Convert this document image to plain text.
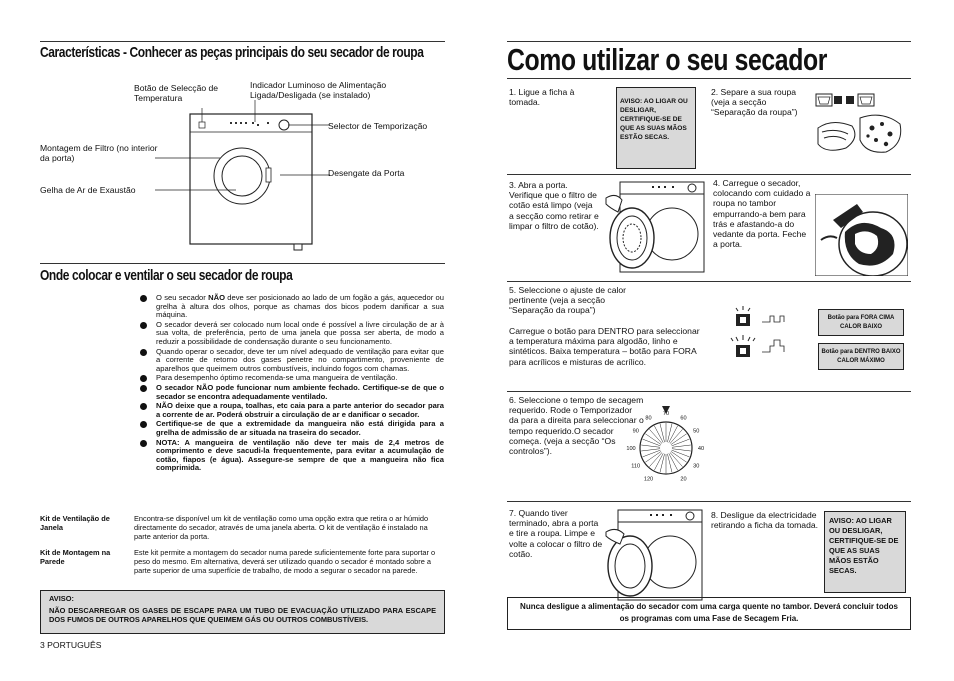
Características - Conhecer as peças principais do seu secador de roupa
Botão de Selecção de Temperatura
Indicador Luminoso de Alimentação Ligada/Desligada (se instalado)
Selector de Temporização
Montagem de Filtro (no interior da porta)
Desengate da Porta
Gelha de Ar de Exaustão
Onde colocar e ventilar o seu secador de roupa
O seu secador NÃO deve ser posicionado ao lado de um fogão a gás, aquecedor ou grelha à altura dos olhos, porque as chamas dos bicos podem danificar a sua máquina.
O secador deverá ser colocado num local onde é possível a livre circulação de ar à sua volta, de preferência, perto de uma janela que possa ser aberta, de modo a reduzir a possibilidade de condensação durante o seu funcionamento.
Quando operar o secador, deve ter um nível adequado de ventilação para evitar que a corrente de retorno dos gases penetre no compartimento, proveniente de aparelhos que queimem outros combustíveis, incluindo fogos com chamas.
Para desempenho óptimo recomenda-se uma mangueira de ventilação.
O secador NÃO pode funcionar num ambiente fechado. Certifique-se de que o secador se encontra adequadamente ventilado.
NÃO deixe que a roupa, toalhas, etc caia para a parte anterior do secador para a corrente de ar. Poderá obstruir a circulação de ar e danificar o secador.
Certifique-se de que a extremidade da mangueira não está dirigida para a grelha de admissão de ar situada na traseira do secador.
NOTA: A mangueira de ventilação não deve ter mais de 2,4 metros de comprimento e deve sacudi-la frequentemente, para evitar a acumulação de cotão, fiapos (e água). Assegure-se sempre de que a mangueira não fica comprimida.
Kit de Ventilação de Janela
Encontra-se disponível um kit de ventilação como uma opção extra que retira o ar húmido directamente do secador, através de uma janela aberta. O kit de ventilação é instalado na parte anterior da porta.
Kit de Montagem na Parede
Este kit permite a montagem do secador numa parede suficientemente forte para suportar o peso do mesmo. Em alternativa, deverá ser utilizado quando o secador é montado sobre a parte superior de uma superfície de trabalho, de modo a segurar o secador na parede.
AVISO:
NÃO DESCARREGAR OS GASES DE ESCAPE PARA UM TUBO DE EVACUAÇÃO UTILIZADO PARA ESCAPE DOS FUMOS DE OUTROS APARELHOS QUE QUEIMEM GÁS OU OUTROS COMBUSTÍVEIS.
3 PORTUGUÊS
Como utilizar o seu secador
1. Ligue a ficha à tomada.	AVISO: AO LIGAR OU DESLIGAR, CERTIFIQUE-SE DE QUE AS SUAS MÃOS ESTÃO SECAS.
2. Separe a sua roupa (veja a secção “Separação da roupa”)
3. Abra a porta. Verifique que o filtro de cotão está limpo (veja a secção como retirar e limpar o filtro de cotão).
4. Carregue o secador, colocando com cuidado a roupa no tambor empurrando-a bem para trás e afastando-a do vedante da porta. Feche a porta.
5. Seleccione o ajuste de calor pertinente (veja a secção “Separação da roupa”)
Carregue o botão para DENTRO para seleccionar a temperatura máxima para algodão, linho e sintéticos. Baixa temperatura – botão para FORA para acrílicos e misturas de acrílico.
Botão para FORA CIMA CALOR BAIXO
Botão para DENTRO BAIXO CALOR MÁXIMO
6. Seleccione o tempo de secagem requerido. Rode o Temporizador da para a direita para seleccionar o tempo requerido.O secador começa. (veja a secção “Os controlos”).
120
110
100
90
80
70
60
50
40
30
20
7. Quando tiver terminado, abra a porta e tire a roupa. Limpe e volte a colocar o filtro de cotão.
8. Desligue da electricidade retirando a ficha da tomada.	AVISO: AO LIGAR OU DESLIGAR, CERTIFIQUE-SE DE QUE AS SUAS MÃOS ESTÃO SECAS.
Nunca desligue a alimentação do secador com uma carga quente no tambor. Deverá concluir todos os programas com uma Fase de Secagem Fria.
